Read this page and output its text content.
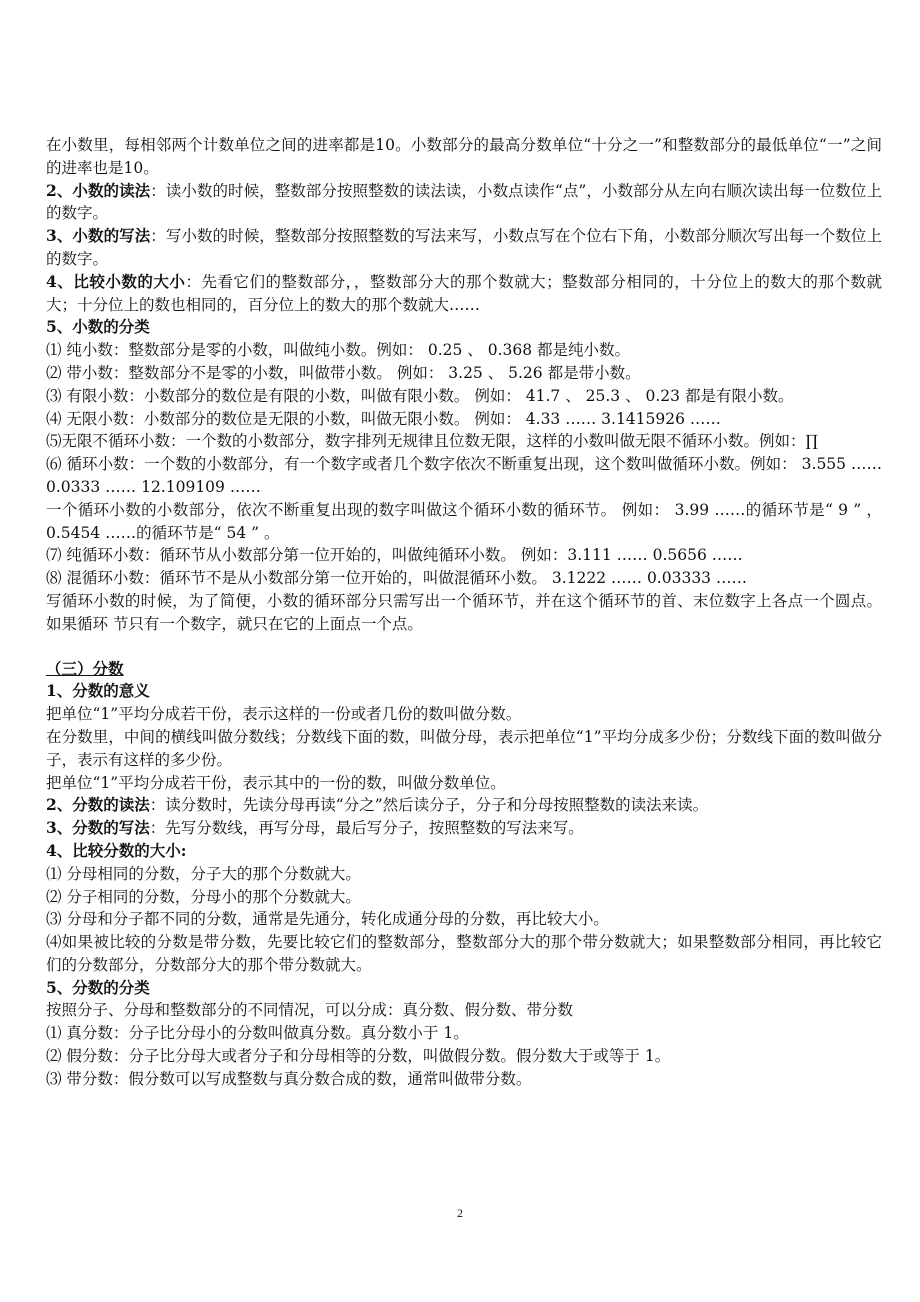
在小数里，每相邻两个计数单位之间的进率都是10。小数部分的最高分数单位“十分之一”和整数部分的最低单位“一”之间的进率也是10。
2、小数的读法：读小数的时候，整数部分按照整数的读法读，小数点读作“点”，小数部分从左向右顺次读出每一位数位上的数字。
3、小数的写法：写小数的时候，整数部分按照整数的写法来写，小数点写在个位右下角，小数部分顺次写出每一个数位上的数字。
4、比较小数的大小：先看它们的整数部分，，整数部分大的那个数就大；整数部分相同的，十分位上的数大的那个数就大；十分位上的数也相同的，百分位上的数大的那个数就大……
5、小数的分类
⑴ 纯小数：整数部分是零的小数，叫做纯小数。例如： 0.25 、 0.368 都是纯小数。
⑵ 带小数：整数部分不是零的小数，叫做带小数。 例如： 3.25 、 5.26 都是带小数。
⑶ 有限小数：小数部分的数位是有限的小数，叫做有限小数。 例如： 41.7 、 25.3 、 0.23 都是有限小数。
⑷ 无限小数：小数部分的数位是无限的小数，叫做无限小数。 例如： 4.33 …… 3.1415926 ……
⑸无限不循环小数：一个数的小数部分，数字排列无规律且位数无限，这样的小数叫做无限不循环小数。例如：∏
⑹ 循环小数：一个数的小数部分，有一个数字或者几个数字依次不断重复出现，这个数叫做循环小数。例如： 3.555 …… 0.0333 …… 12.109109 ……
一个循环小数的小数部分，依次不断重复出现的数字叫做这个循环小数的循环节。 例如： 3.99 ……的循环节是“ 9 ” ， 0.5454 ……的循环节是“ 54 ” 。
⑺ 纯循环小数：循环节从小数部分第一位开始的，叫做纯循环小数。 例如：3.111 …… 0.5656 ……
⑻ 混循环小数：循环节不是从小数部分第一位开始的，叫做混循环小数。 3.1222 …… 0.03333 ……
写循环小数的时候，为了简便，小数的循环部分只需写出一个循环节，并在这个循环节的首、末位数字上各点一个圆点。如果循环 节只有一个数字，就只在它的上面点一个点。
（三）分数
1、分数的意义
把单位“1”平均分成若干份，表示这样的一份或者几份的数叫做分数。
在分数里，中间的横线叫做分数线；分数线下面的数，叫做分母，表示把单位“1”平均分成多少份；分数线下面的数叫做分子，表示有这样的多少份。
把单位“1”平均分成若干份，表示其中的一份的数，叫做分数单位。
2、分数的读法：读分数时，先读分母再读“分之”然后读分子，分子和分母按照整数的读法来读。
3、分数的写法：先写分数线，再写分母，最后写分子，按照整数的写法来写。
4、比较分数的大小:
⑴ 分母相同的分数，分子大的那个分数就大。
⑵ 分子相同的分数，分母小的那个分数就大。
⑶ 分母和分子都不同的分数，通常是先通分，转化成通分母的分数，再比较大小。
⑷如果被比较的分数是带分数，先要比较它们的整数部分，整数部分大的那个带分数就大；如果整数部分相同，再比较它们的分数部分，分数部分大的那个带分数就大。
5、分数的分类
按照分子、分母和整数部分的不同情况，可以分成：真分数、假分数、带分数
⑴ 真分数：分子比分母小的分数叫做真分数。真分数小于 1。
⑵ 假分数：分子比分母大或者分子和分母相等的分数，叫做假分数。假分数大于或等于 1。
⑶ 带分数：假分数可以写成整数与真分数合成的数，通常叫做带分数。
2
